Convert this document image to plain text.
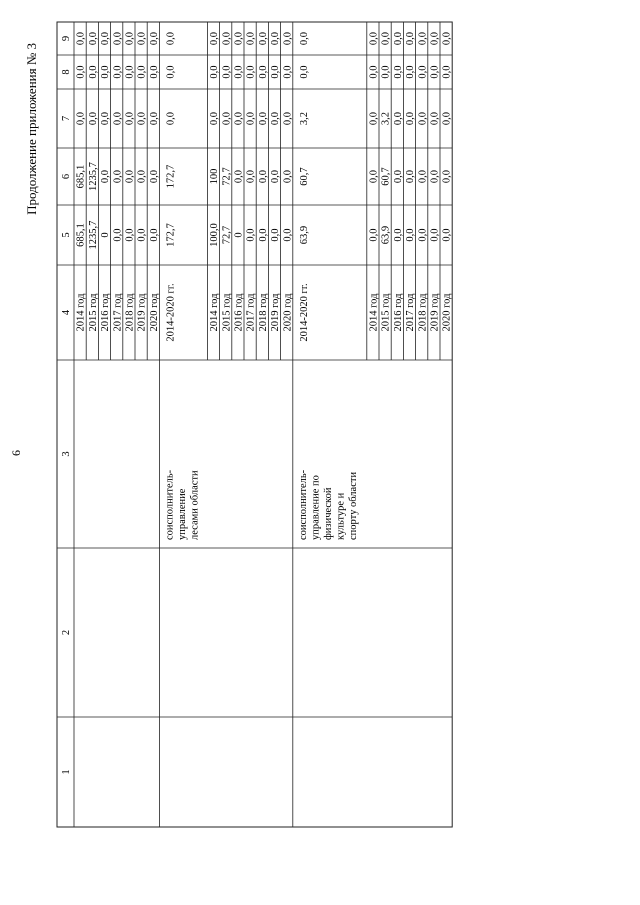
6
Продолжение приложения № 3
1
2
3
4
5
6
7
8
9
2014 год
685,1
685,1
0,0
0,0
0,0
2015 год
1235,7
1235,7
0,0
0,0
0,0
2016 год
0
0,0
0,0
0,0
0,0
2017 год
0,0
0,0
0,0
0,0
0,0
2018 год
0,0
0,0
0,0
0,0
0,0
2019 год
0,0
0,0
0,0
0,0
0,0
2020 год
0,0
0,0
0,0
0,0
0,0
2014-2020 гг.
172,7
172,7
0,0
0,0
0,0
2014 год
100,0
100
0,0
0,0
0,0
2015 год
72,7
72,7
0,0
0,0
0,0
2016 год
0
0,0
0,0
0,0
0,0
2017 год
0,0
0,0
0,0
0,0
0,0
2018 год
0,0
0,0
0,0
0,0
0,0
2019 год
0,0
0,0
0,0
0,0
0,0
2020 год
0,0
0,0
0,0
0,0
0,0
2014-2020 гг.
63,9
60,7
3,2
0,0
0,0
2014 год
0,0
0,0
0,0
0,0
0,0
2015 год
63,9
60,7
3,2
0,0
0,0
2016 год
0,0
0,0
0,0
0,0
0,0
2017 год
0,0
0,0
0,0
0,0
0,0
2018 год
0,0
0,0
0,0
0,0
0,0
2019 год
0,0
0,0
0,0
0,0
0,0
2020 год
0,0
0,0
0,0
0,0
0,0
соисполнитель- управление лесами области	соисполнитель- управление по физической культуре и спорту области
